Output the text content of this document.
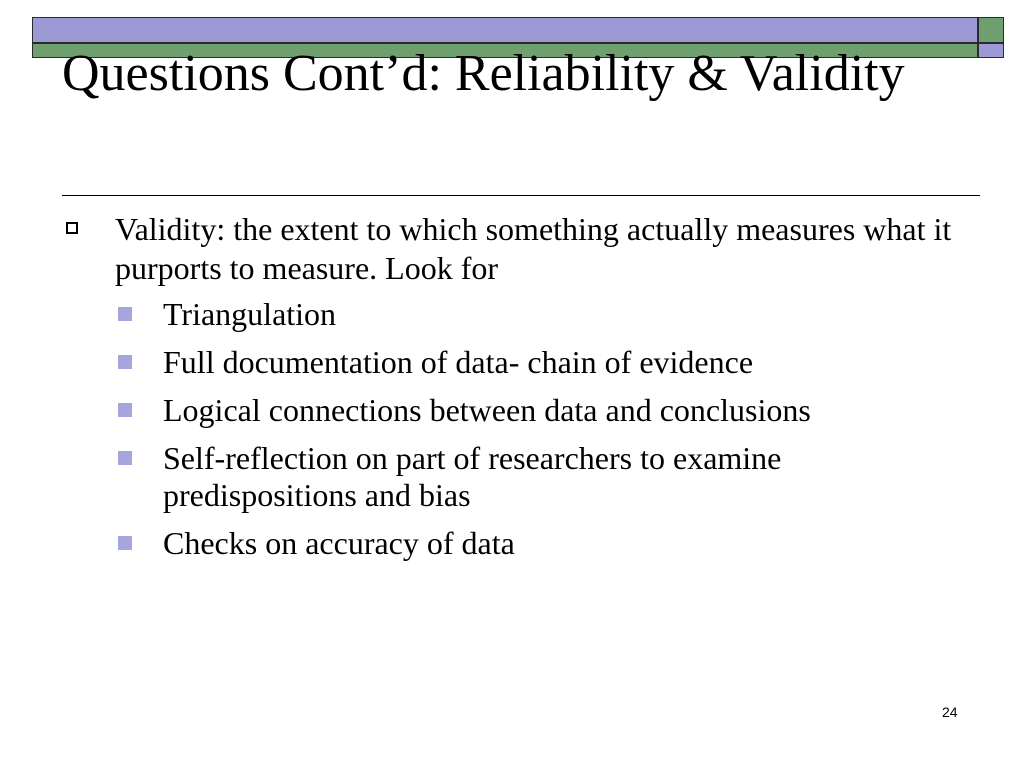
Questions Cont’d: Reliability & Validity
Validity: the extent to which something actually measures what it purports to measure. Look for
Triangulation
Full documentation of data- chain of evidence
Logical connections between data and conclusions
Self-reflection on part of researchers to examine predispositions and bias
Checks on accuracy of data
24
